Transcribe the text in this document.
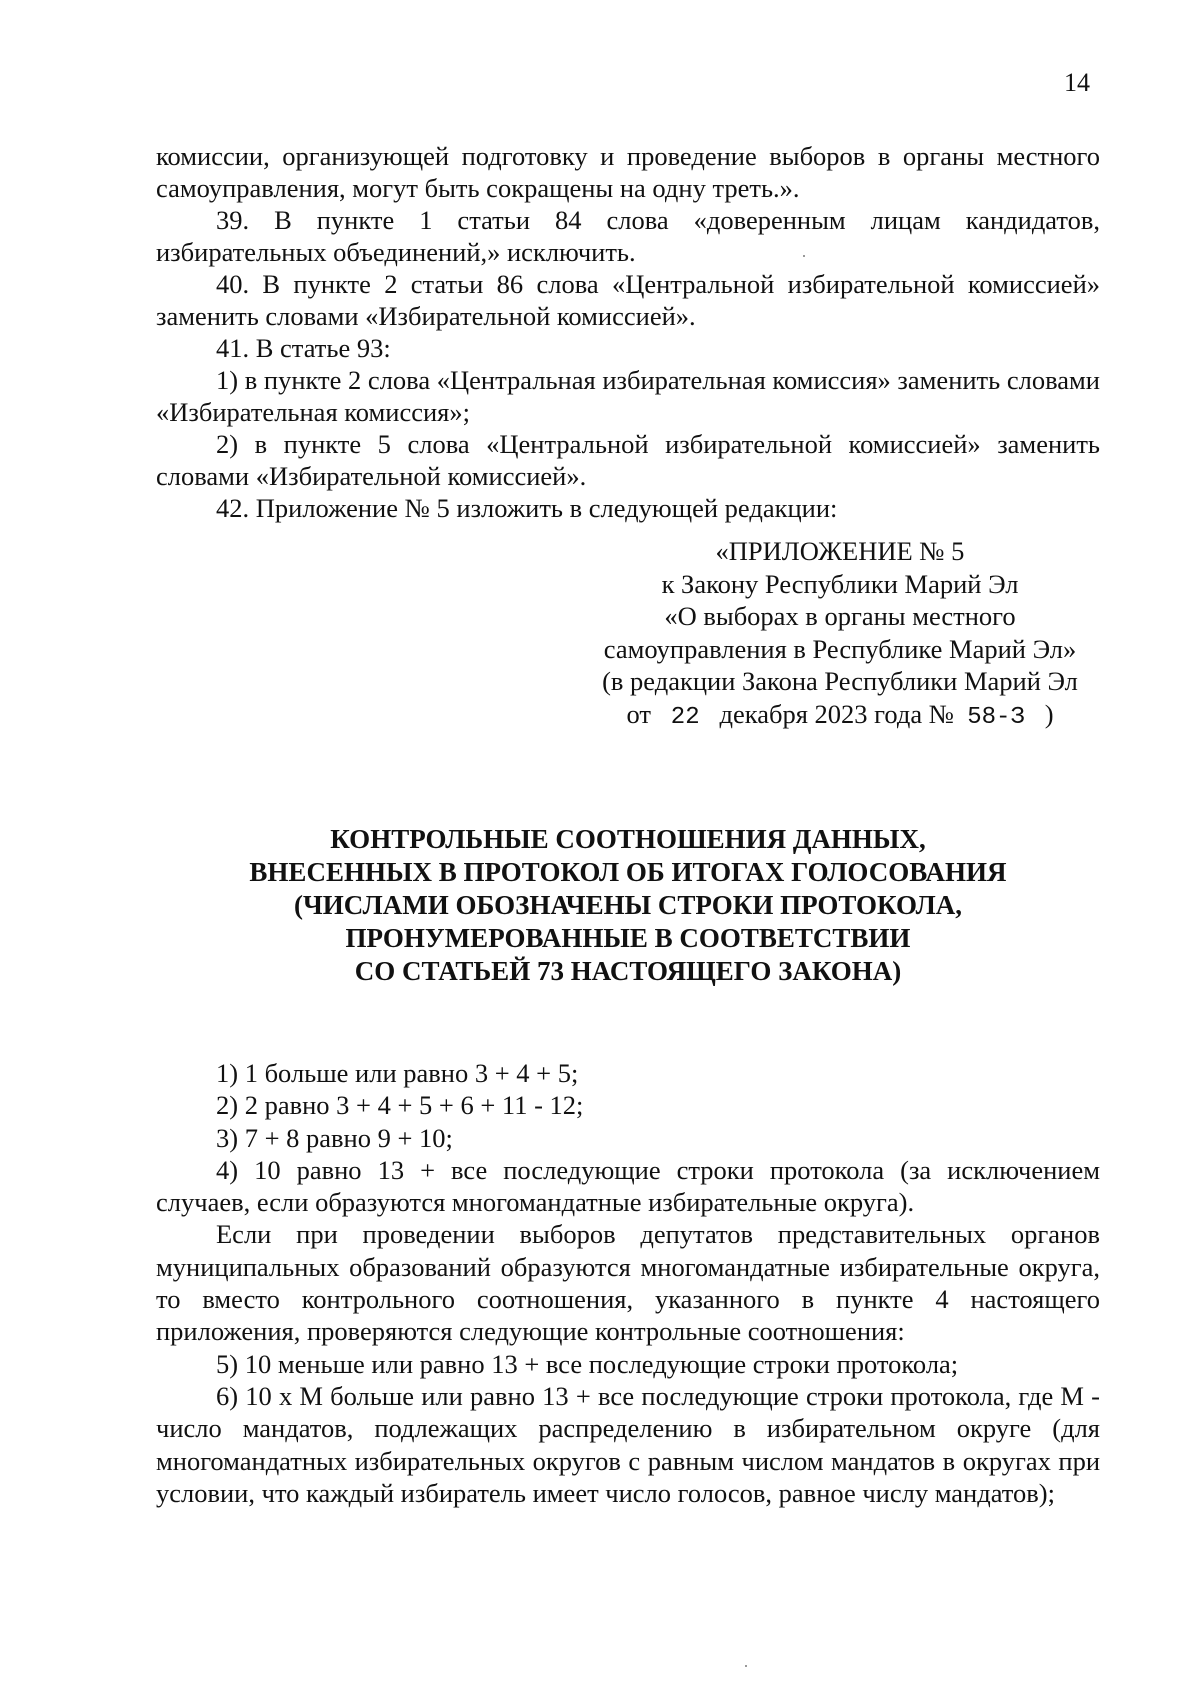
14

комиссии, организующей подготовку и проведение выборов в органы местного самоуправления, могут быть сокращены на одну треть.».

39. В пункте 1 статьи 84 слова «доверенным лицам кандидатов, избирательных объединений,» исключить.

40. В пункте 2 статьи 86 слова «Центральной избирательной комиссией» заменить словами «Избирательной комиссией».

41. В статье 93:

1) в пункте 2 слова «Центральная избирательная комиссия» заменить словами «Избирательная комиссия»;

2) в пункте 5 слова «Центральной избирательной комиссией» заменить словами «Избирательной комиссией».

42. Приложение № 5 изложить в следующей редакции:

«ПРИЛОЖЕНИЕ № 5
к Закону Республики Марий Эл
«О выборах в органы местного
самоуправления в Республике Марий Эл»
(в редакции Закона Республики Марий Эл
от 22 декабря 2023 года № 58-З )
КОНТРОЛЬНЫЕ СООТНОШЕНИЯ ДАННЫХ,
ВНЕСЕННЫХ В ПРОТОКОЛ ОБ ИТОГАХ ГОЛОСОВАНИЯ
(ЧИСЛАМИ ОБОЗНАЧЕНЫ СТРОКИ ПРОТОКОЛА,
ПРОНУМЕРОВАННЫЕ В СООТВЕТСТВИИ
СО СТАТЬЕЙ 73 НАСТОЯЩЕГО ЗАКОНА)

1) 1 больше или равно 3 + 4 + 5;

2) 2 равно 3 + 4 + 5 + 6 + 11 - 12;

3) 7 + 8 равно 9 + 10;

4) 10 равно 13 + все последующие строки протокола (за исключением случаев, если образуются многомандатные избирательные округа).

Если при проведении выборов депутатов представительных органов муниципальных образований образуются многомандатные избирательные округа, то вместо контрольного соотношения, указанного в пункте 4 настоящего приложения, проверяются следующие контрольные соотношения:

5) 10 меньше или равно 13 + все последующие строки протокола;

6) 10 х М больше или равно 13 + все последующие строки протокола, где М - число мандатов, подлежащих распределению в избирательном округе (для многомандатных избирательных округов с равным числом мандатов в округах при условии, что каждый избиратель имеет число голосов, равное числу мандатов);
